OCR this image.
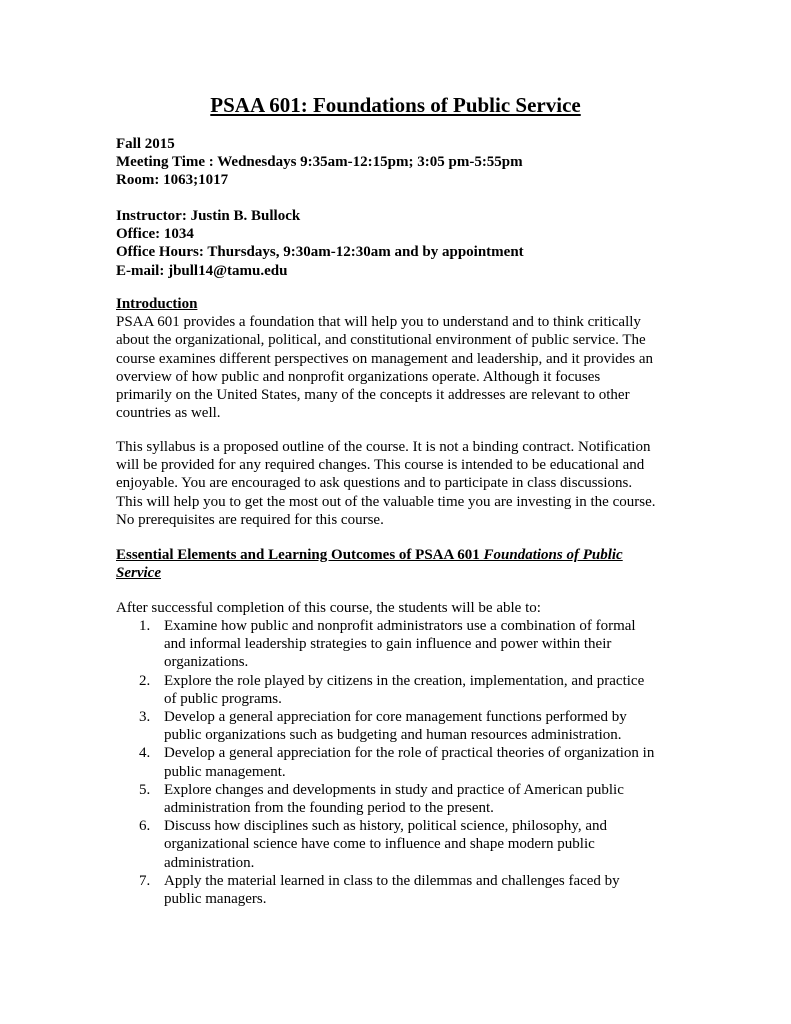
PSAA 601: Foundations of Public Service
Fall 2015
Meeting Time : Wednesdays 9:35am-12:15pm; 3:05 pm-5:55pm
Room: 1063;1017
Instructor: Justin B. Bullock
Office: 1034
Office Hours: Thursdays, 9:30am-12:30am and by appointment
E-mail: jbull14@tamu.edu
Introduction
PSAA 601 provides a foundation that will help you to understand and to think critically
about the organizational, political, and constitutional environment of public service. The
course examines different perspectives on management and leadership, and it provides an
overview of how public and nonprofit organizations operate. Although it focuses
primarily on the United States, many of the concepts it addresses are relevant to other
countries as well.
This syllabus is a proposed outline of the course. It is not a binding contract. Notification
will be provided for any required changes. This course is intended to be educational and
enjoyable. You are encouraged to ask questions and to participate in class discussions.
This will help you to get the most out of the valuable time you are investing in the course.
No prerequisites are required for this course.
Essential Elements and Learning Outcomes of PSAA 601 Foundations of Public
Service
After successful completion of this course, the students will be able to:
1. Examine how public and nonprofit administrators use a combination of formal
and informal leadership strategies to gain influence and power within their
organizations.
2. Explore the role played by citizens in the creation, implementation, and practice
of public programs.
3. Develop a general appreciation for core management functions performed by
public organizations such as budgeting and human resources administration.
4. Develop a general appreciation for the role of practical theories of organization in
public management.
5. Explore changes and developments in study and practice of American public
administration from the founding period to the present.
6. Discuss how disciplines such as history, political science, philosophy, and
organizational science have come to influence and shape modern public
administration.
7. Apply the material learned in class to the dilemmas and challenges faced by
public managers.
